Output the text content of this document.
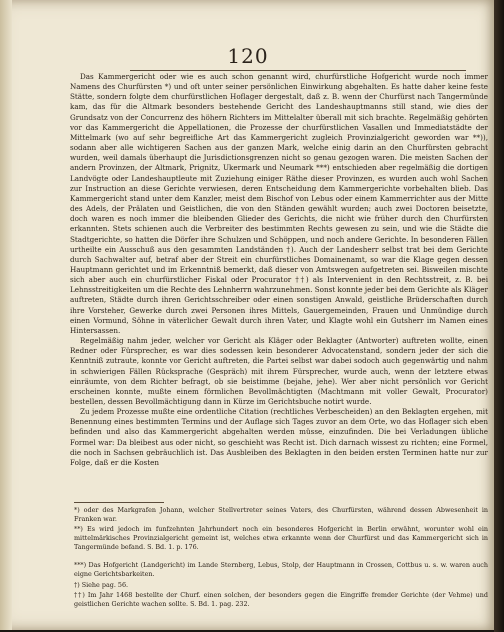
120

Das Kammergericht oder wie es auch schon genannt wird, churfürstliche Hofgericht wurde noch immer Namens des Churfürsten *) und oft unter seiner persönlichen Einwirkung abgehalten. Es hatte daher keine feste Stätte, sondern folgte dem churfürstlichen Hoflager dergestalt, daß z. B. wenn der Churfürst nach Tangermünde kam, das für die Altmark besonders bestehende Gericht des Landeshauptmanns still stand, wie dies der Grundsatz von der Concurrenz des höhern Richters im Mittelalter überall mit sich brachte. Regelmäßig gehörten vor das Kammergericht die Appellationen, die Prozesse der churfürstlichen Vasallen und Immediatstädte der Mittelmark (wo auf sehr begreifliche Art das Kammergericht zugleich Provinzialgericht geworden war **)), sodann aber alle wichtigeren Sachen aus der ganzen Mark, welche einig darin an den Churfürsten gebracht wurden, weil damals überhaupt die Jurisdictionsgrenzen nicht so genau gezogen waren. Die meisten Sachen der andern Provinzen, der Altmark, Prignitz, Ukermark und Neumark ***) entschieden aber regelmäßig die dortigen Landvögte oder Landeshauptleute mit Zuziehung einiger Räthe dieser Provinzen, es wurden auch wohl Sachen zur Instruction an diese Gerichte verwiesen, deren Entscheidung dem Kammergerichte vorbehalten blieb. Das Kammergericht stand unter dem Kanzler, meist dem Bischof von Lebus oder einem Kammerrichter aus der Mitte des Adels, der Prälaten und Geistlichen, die von den Ständen gewählt wurden; auch zwei Doctoren beisetzte, doch waren es noch immer die bleibenden Glieder des Gerichts, die nicht wie früher durch den Churfürsten erkannten. Stets schienen auch die Verbreiter des bestimmten Rechts gewesen zu sein, und wie die Städte die Stadtgerichte, so hatten die Dörfer ihre Schulzen und Schöppen, und noch andere Gerichte. In besonderen Fällen urtheilte ein Ausschuß aus den gesammten Landständen †). Auch der Landesherr selbst trat bei dem Gerichte durch Sachwalter auf, betraf aber der Streit ein churfürstliches Domainenamt, so war die Klage gegen dessen Hauptmann gerichtet und im Erkenntniß bemerkt, daß dieser von Amtswegen aufgetreten sei. Bisweilen mischte sich aber auch ein churfürstlicher Fiskal oder Procurator ††) als Intervenient in den Rechtsstreit, z. B. bei Lehnsstreitigkeiten um die Rechte des Lehnherrn wahrzunehmen. Sonst konnte jeder bei dem Gerichte als Kläger auftreten, Städte durch ihren Gerichtsschreiber oder einen sonstigen Anwald, geistliche Brüderschaften durch ihre Vorsteher, Gewerke durch zwei Personen ihres Mittels, Gauergemeinden, Frauen und Unmündige durch einen Vormund, Söhne in väterlicher Gewalt durch ihren Vater, und Klagte wohl ein Gutsherr im Namen eines Hintersassen.

Regelmäßig nahm jeder, welcher vor Gericht als Kläger oder Beklagter (Antworter) auftreten wollte, einen Redner oder Fürsprecher, es war dies sodessen kein besonderer Advocatenstand, sondern jeder der sich die Kenntniß zutraute, konnte vor Gericht auftreten, die Partei selbst war dabei sodoch auch gegenwärtig und nahm in schwierigen Fällen Rücksprache (Gespräch) mit ihrem Fürsprecher, wurde auch, wenn der letztere etwas einräumte, von dem Richter befragt, ob sie beistimme (bejahe, jehe). Wer aber nicht persönlich vor Gericht erscheinen konnte, mußte einem förmlichen Bevollmächtigten (Machtmann mit voller Gewalt, Procurator) bestellen, dessen Bevollmächtigung dann in Kürze im Gerichtsbuche notirt wurde.

Zu jedem Prozesse mußte eine ordentliche Citation (rechtliches Verbescheiden) an den Beklagten ergehen, mit Benennung eines bestimmten Termins und der Auflage sich Tages zuvor an dem Orte, wo das Hoflager sich eben befinden und also das Kammergericht abgehalten werden müsse, einzufinden. Die bei Verladungen übliche Formel war: Da bleibest aus oder nicht, so geschieht was Recht ist. Dich darnach wissest zu richten; eine Formel, die noch in Sachsen gebräuchlich ist. Das Ausbleiben des Beklagten in den beiden ersten Terminen hatte nur zur Folge, daß er die Kosten

*) oder des Markgrafen Johann, welcher Stellvertreter seines Vaters, des Churfürsten, während dessen Abwesenheit in Franken war.
**) Es wird jedoch im funfzehnten Jahrhundert noch ein besonderes Hofgericht in Berlin erwähnt, worunter wohl ein mittelmärkisches Provinzialgericht gemeint ist, welches etwa erkannte wenn der Churfürst und das Kammergericht sich in Tangermünde befand. S. Bd. 1. p. 176.
***) Das Hofgericht (Landgericht) im Lande Sternberg, Lebus, Stolp, der Hauptmann in Crossen, Cottbus u. s. w. waren auch eigne Gerichtsbarkeiten.
†) Siehe pag. 56.
††) Im Jahr 1468 bestellte der Churf. einen solchen, der besonders gegen die Eingriffe fremder Gerichte (der Vehme) und geistlichen Gerichte wachen sollte. S. Bd. 1. pag. 232.
